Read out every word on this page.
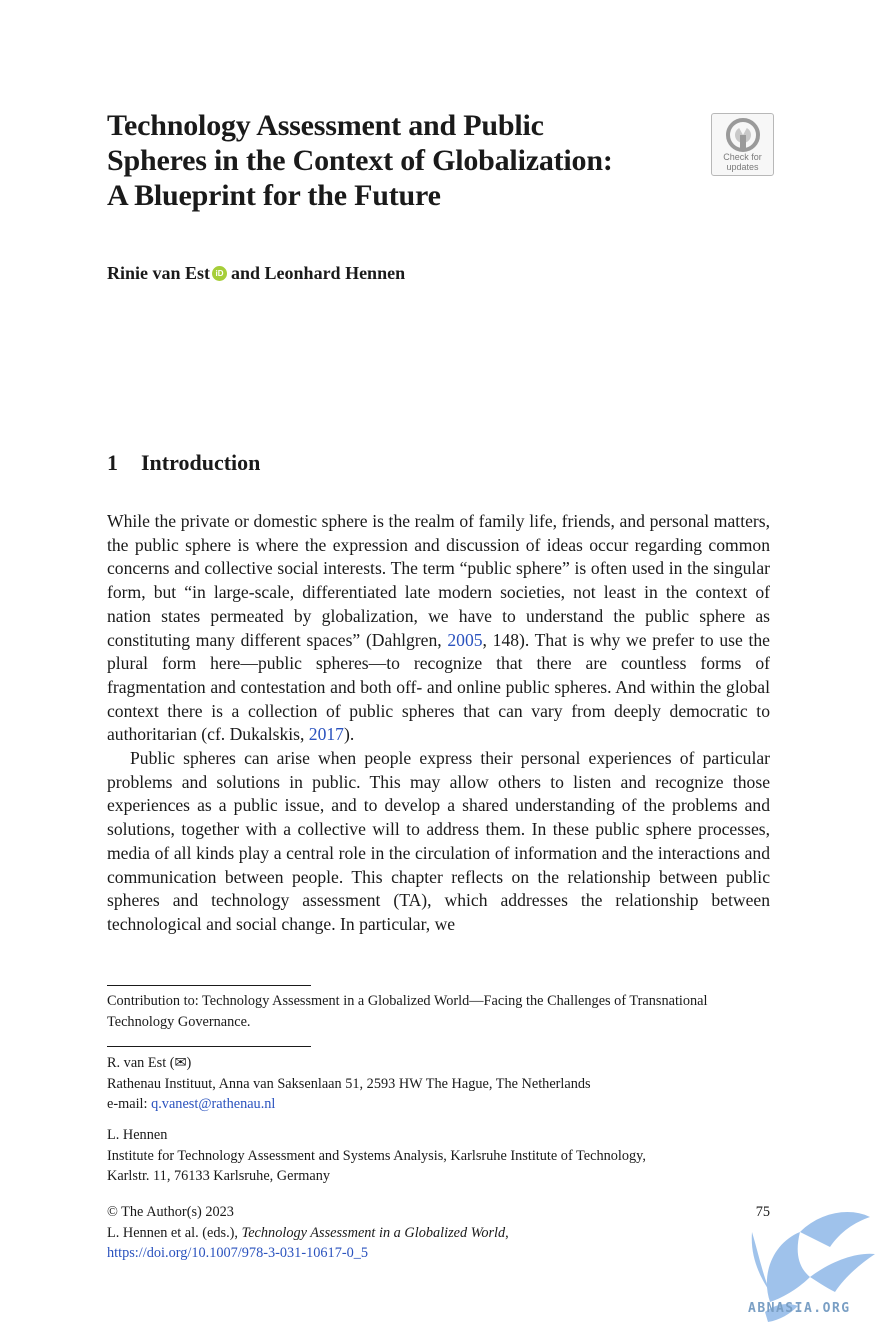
Technology Assessment and Public
Spheres in the Context of Globalization:
A Blueprint for the Future
Check for
updates
Rinie van Est iD and Leonhard Hennen
1 Introduction

While the private or domestic sphere is the realm of family life, friends, and personal matters, the public sphere is where the expression and discussion of ideas occur regarding common concerns and collective social interests. The term “public sphere” is often used in the singular form, but “in large-scale, differentiated late modern societies, not least in the context of nation states permeated by globalization, we have to understand the public sphere as constituting many different spaces” (Dahlgren, 2005, 148). That is why we prefer to use the plural form here—public spheres—to recognize that there are countless forms of fragmentation and contestation and both off- and online public spheres. And within the global context there is a collection of public spheres that can vary from deeply democratic to authoritarian (cf. Dukalskis, 2017).

Public spheres can arise when people express their personal experiences of particular problems and solutions in public. This may allow others to listen and recognize those experiences as a public issue, and to develop a shared understanding of the problems and solutions, together with a collective will to address them. In these public sphere processes, media of all kinds play a central role in the circulation of information and the interactions and communication between people. This chapter reflects on the relationship between public spheres and technology assessment (TA), which addresses the relationship between technological and social change. In particular, we

Contribution to: Technology Assessment in a Globalized World—Facing the Challenges of Transnational Technology Governance.
R. van Est (✉)
Rathenau Instituut, Anna van Saksenlaan 51, 2593 HW The Hague, The Netherlands
e-mail: q.vanest@rathenau.nl
L. Hennen
Institute for Technology Assessment and Systems Analysis, Karlsruhe Institute of Technology,
Karlstr. 11, 76133 Karlsruhe, Germany
© The Author(s) 2023
L. Hennen et al. (eds.), Technology Assessment in a Globalized World,
https://doi.org/10.1007/978-3-031-10617-0_5
75
ABNASIA.ORG
